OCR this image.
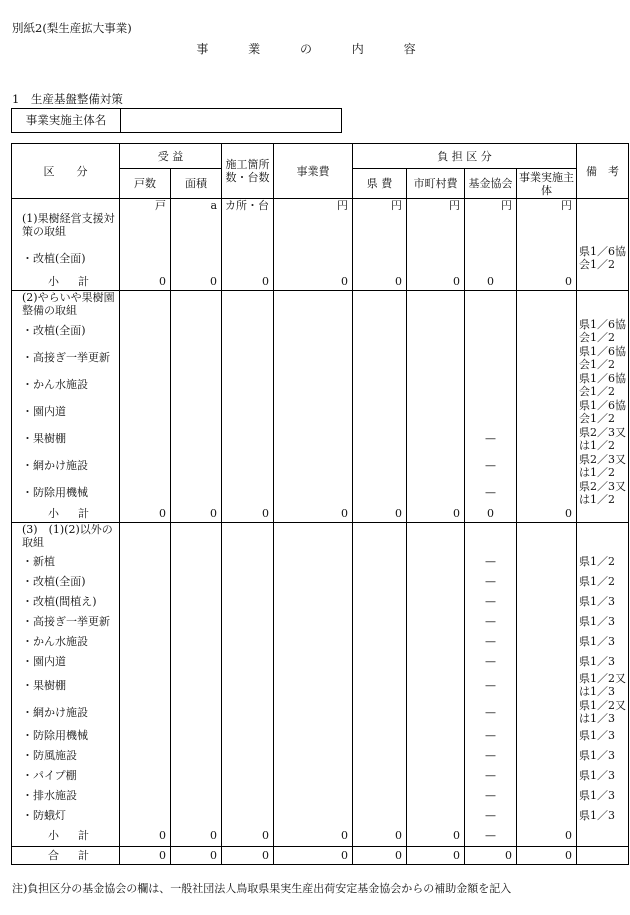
別紙2(梨生産拡大事業)
事 業 の 内 容
1　生産基盤整備対策
事業実施主体名
区　　分	受 益		施工箇所数・台数	事業費	負 担 区 分				備　考
	戸数	面積			県 費	市町村費	基金協会	事業実施主体	
	戸	a	カ所・台	円	円	円	円	円	
(1)果樹経営支援対策の取組									
・改植(全面)									県1／6協会1／2
小　計	0	0	0	0	0	0	0	0	
(2)やらいや果樹園整備の取組									
・改植(全面)									県1／6協会1／2
・高接ぎ一挙更新									県1／6協会1／2
・かん水施設									県1／6協会1／2
・園内道									県1／6協会1／2
・果樹棚							—		県2／3又は1／2
・網かけ施設							—		県2／3又は1／2
・防除用機械							—		県2／3又は1／2
小　計	0	0	0	0	0	0	0	0	
(3)　(1)(2)以外の取組									
・新植							—		県1／2
・改植(全面)							—		県1／2
・改植(間植え)							—		県1／3
・高接ぎ一挙更新							—		県1／3
・かん水施設							—		県1／3
・園内道							—		県1／3
・果樹棚							—		県1／2又は1／3
・網かけ施設							—		県1／2又は1／3
・防除用機械							—		県1／3
・防風施設							—		県1／3
・パイプ棚							—		県1／3
・排水施設							—		県1／3
・防蛾灯							—		県1／3
小　計	0	0	0	0	0	0	—	0	
合　計	0	0	0	0	0	0	0	0	
注)負担区分の基金協会の欄は、一般社団法人鳥取県果実生産出荷安定基金協会からの補助金額を記入
